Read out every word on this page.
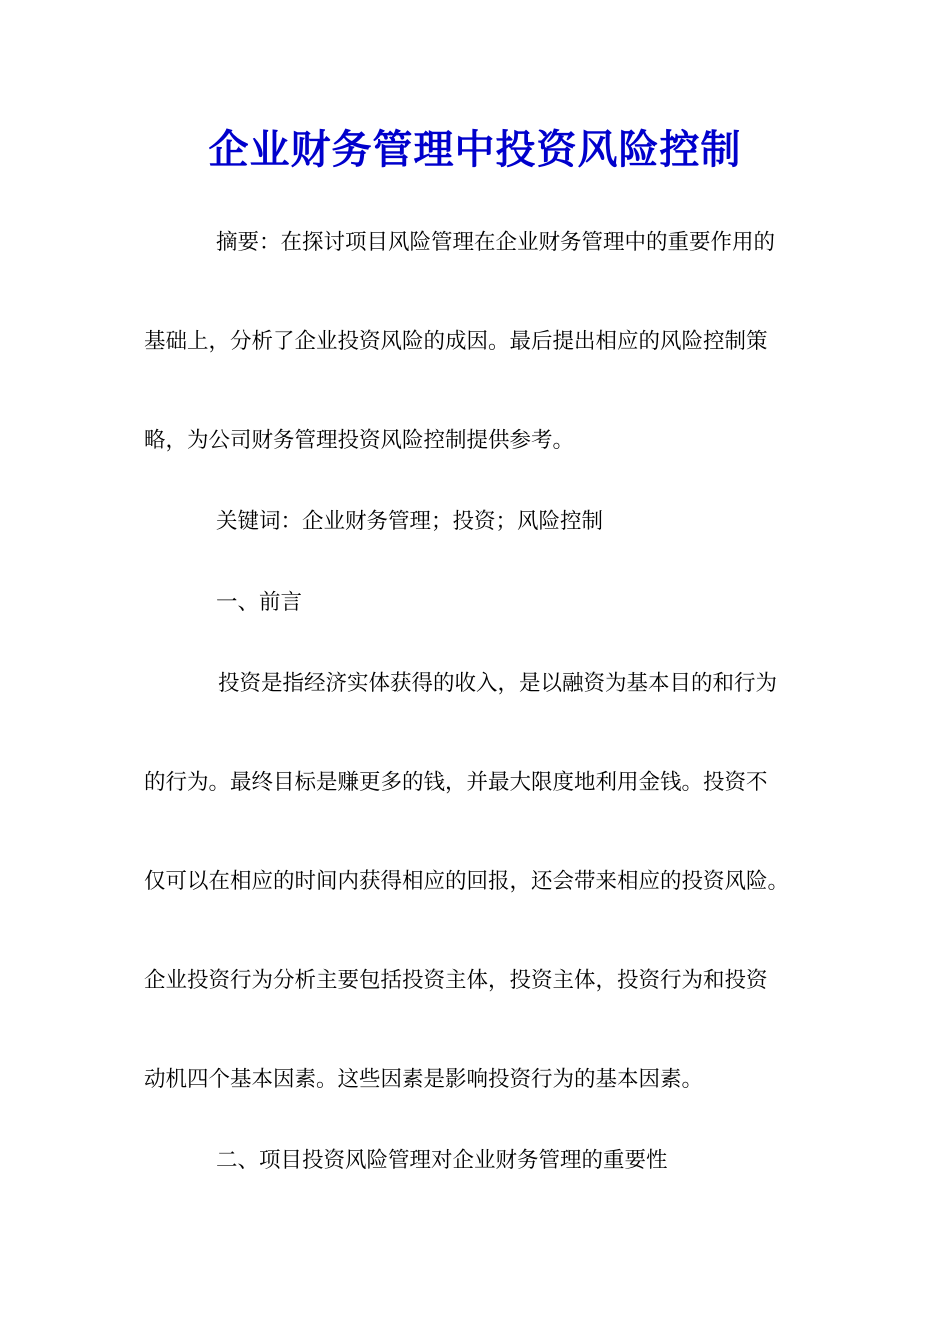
企业财务管理中投资风险控制
摘要：在探讨项目风险管理在企业财务管理中的重要作用的
基础上，分析了企业投资风险的成因。最后提出相应的风险控制策
略，为公司财务管理投资风险控制提供参考。
关键词：企业财务管理；投资；风险控制
一、前言
投资是指经济实体获得的收入，是以融资为基本目的和行为
的行为。最终目标是赚更多的钱，并最大限度地利用金钱。投资不
仅可以在相应的时间内获得相应的回报，还会带来相应的投资风险。
企业投资行为分析主要包括投资主体，投资主体，投资行为和投资
动机四个基本因素。这些因素是影响投资行为的基本因素。
二、项目投资风险管理对企业财务管理的重要性
